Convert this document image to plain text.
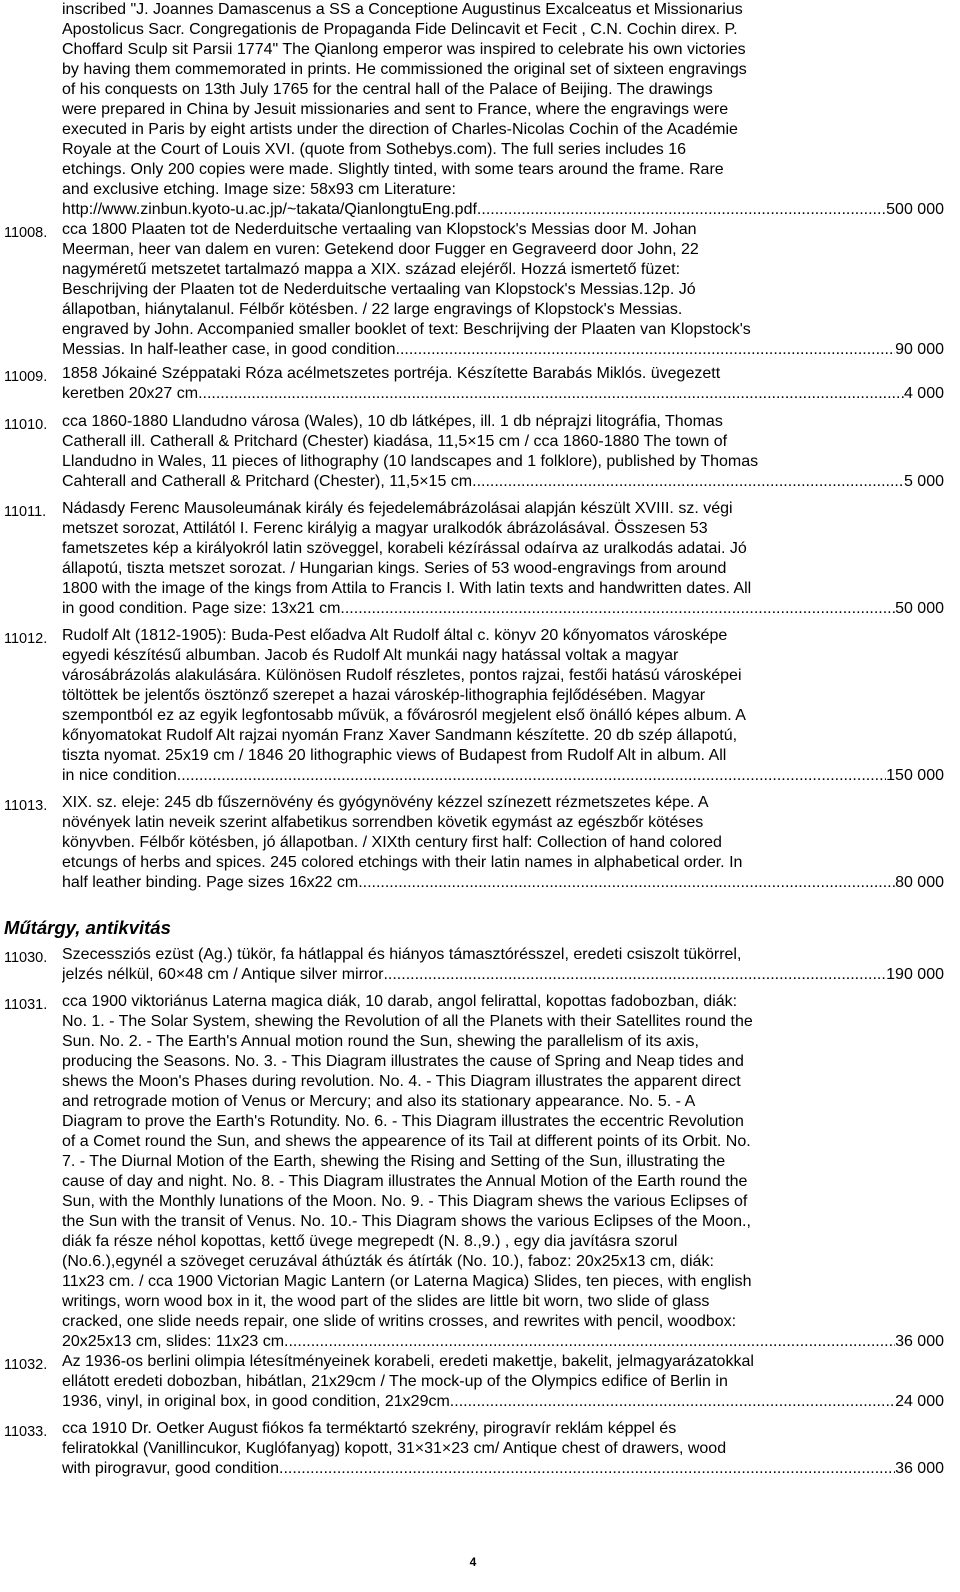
inscribed "J. Joannes Damascenus a SS a Conceptione Augustinus Excalceatus et Missionarius
Apostolicus Sacr. Congregationis de Propaganda Fide Delincavit et Fecit , C.N. Cochin direx. P.
Choffard Sculp sit Parsii 1774" The Qianlong emperor was inspired to celebrate his own victories
by having them commemorated in prints. He commissioned the original set of sixteen engravings
of his conquests on 13th July 1765 for the central hall of the Palace of Beijing. The drawings
were prepared in China by Jesuit missionaries and sent to France, where the engravings were
executed in Paris by eight artists under the direction of Charles-Nicolas Cochin of the Académie
Royale at the Court of Louis XVI. (quote from Sothebys.com). The full series includes 16
etchings. Only 200 copies were made. Slightly tinted, with some tears around the frame. Rare
and exclusive etching. Image size: 58x93 cm Literature:
http://www.zinbun.kyoto-u.ac.jp/~takata/QianlongtuEng.pdf .....	500 000
11008. cca 1800 Plaaten tot de Nederduitsche vertaaling van Klopstock's Messias door M. Johan
Meerman, heer van dalem en vuren: Getekend door Fugger en Gegraveerd door John, 22
nagyméretű metszetet tartalmazó mappa a XIX. század elejéről. Hozzá ismertető füzet:
Beschrijving der Plaaten tot de Nederduitsche vertaaling van Klopstock's Messias.12p. Jó
állapotban, hiánytalanul. Félbőr kötésben. / 22 large engravings of Klopstock's Messias.
engraved by John. Accompanied smaller booklet of text: Beschrijving der Plaaten van Klopstock's
Messias. In half-leather case, in good condition. .....	90 000
11009. 1858 Jókainé Széppataki Róza acélmetszetes portréja. Készítette Barabás Miklós. üvegezett
keretben 20x27 cm .....	4 000
11010. cca 1860-1880 Llandudno városa (Wales), 10 db látképes, ill. 1 db néprajzi litográfia, Thomas
Catherall ill. Catherall & Pritchard (Chester) kiadása, 11,5×15 cm / cca 1860-1880 The town of
Llandudno in Wales, 11 pieces of lithography (10 landscapes and 1 folklore), published by Thomas
Cahterall and Catherall & Pritchard (Chester), 11,5×15 cm .....	5 000
11011. Nádasdy Ferenc Mausoleumának király és fejedelemábrázolásai alapján készült XVIII. sz. végi
metszet sorozat, Attilától I. Ferenc királyig a magyar uralkodók ábrázolásával. Összesen 53
fametszetes kép a királyokról latin szöveggel, korabeli kézírással odaírva az uralkodás adatai. Jó
állapotú, tiszta metszet sorozat. / Hungarian kings. Series of 53 wood-engravings from around
1800 with the image of the kings from Attila to Francis I. With latin texts and handwritten dates. All
in good condition. Page size: 13x21 cm .....	50 000
11012. Rudolf Alt (1812-1905): Buda-Pest előadva Alt Rudolf által c. könyv 20 kőnyomatos városképe
egyedi készítésű albumban. Jacob és Rudolf Alt munkái nagy hatással voltak a magyar
városábrázolás alakulására. Különösen Rudolf részletes, pontos rajzai, festői hatású városképei
töltöttek be jelentős ösztönző szerepet a hazai városkép-lithographia fejlődésében. Magyar
szempontból ez az egyik legfontosabb művük, a fővárosról megjelent első önálló képes album. A
kőnyomatokat Rudolf Alt rajzai nyomán Franz Xaver Sandmann készítette. 20 db szép állapotú,
tiszta nyomat. 25x19 cm / 1846 20 lithographic views of Budapest from Rudolf Alt in album. All
in nice condition. .....	150 000
11013. XIX. sz. eleje: 245 db fűszernövény és gyógynövény kézzel színezett rézmetszetes képe. A
növények latin neveik szerint alfabetikus sorrendben követik egymást az egészbőr kötéses
könyvben. Félbőr kötésben, jó állapotban. / XIXth century first half: Collection of hand colored
etcungs of herbs and spices. 245 colored etchings with their latin names in alphabetical order. In
half leather binding. Page sizes 16x22 cm .....	80 000
Műtárgy, antikvitás
11030. Szecessziós ezüst (Ag.) tükör, fa hátlappal és hiányos támasztórésszel, eredeti csiszolt tükörrel,
jelzés nélkül, 60×48 cm / Antique silver mirror .....	190 000
11031. cca 1900 viktoriánus Laterna magica diák, 10 darab, angol felirattal, kopottas fadobozban, diák:
No. 1. - The Solar System, shewing the Revolution of all the Planets with their Satellites round the
Sun. No. 2. - The Earth's Annual motion round the Sun, shewing the parallelism of its axis,
producing the Seasons. No. 3. - This Diagram illustrates the cause of Spring and Neap tides and
shews the Moon's Phases during revolution. No. 4. - This Diagram illustrates the apparent direct
and retrograde motion of Venus or Mercury; and also its stationary appearance. No. 5. - A
Diagram to prove the Earth's Rotundity. No. 6. - This Diagram illustrates the eccentric Revolution
of a Comet round the Sun, and shews the appearence of its Tail at different points of its Orbit. No.
7. - The Diurnal Motion of the Earth, shewing the Rising and Setting of the Sun, illustrating the
cause of day and night. No. 8. - This Diagram illustrates the Annual Motion of the Earth round the
Sun, with the Monthly lunations of the Moon. No. 9. - This Diagram shews the various Eclipses of
the Sun with the transit of Venus. No. 10.- This Diagram shows the various Eclipses of the Moon.,
diák fa része néhol kopottas, kettő üvege megrepedt (N. 8.,9.) , egy dia javításra szorul
(No.6.),egynél a szöveget ceruzával áthúzták és átírták (No. 10.), faboz: 20x25x13 cm, diák:
11x23 cm. / cca 1900 Victorian Magic Lantern (or Laterna Magica) Slides, ten pieces, with english
writings, worn wood box in it, the wood part of the slides are little bit worn, two slide of glass
cracked, one slide needs repair, one slide of writins crosses, and rewrites with pencil, woodbox:
20x25x13 cm, slides: 11x23 cm. .....	36 000
11032. Az 1936-os berlini olimpia létesítményeinek korabeli, eredeti makettje, bakelit, jelmagyarázatokkal
ellátott eredeti dobozban, hibátlan, 21x29cm / The mock-up of the Olympics edifice of Berlin in
1936, vinyl, in original box, in good condition, 21x29cm .....	24 000
11033. cca 1910 Dr. Oetker August fiókos fa terméktartó szekrény, pirogravír reklám képpel és
feliratokkal (Vanillincukor, Kuglófanyag) kopott, 31×31×23 cm/ Antique chest of drawers, wood
with pirogravur, good condition .....	36 000
4
